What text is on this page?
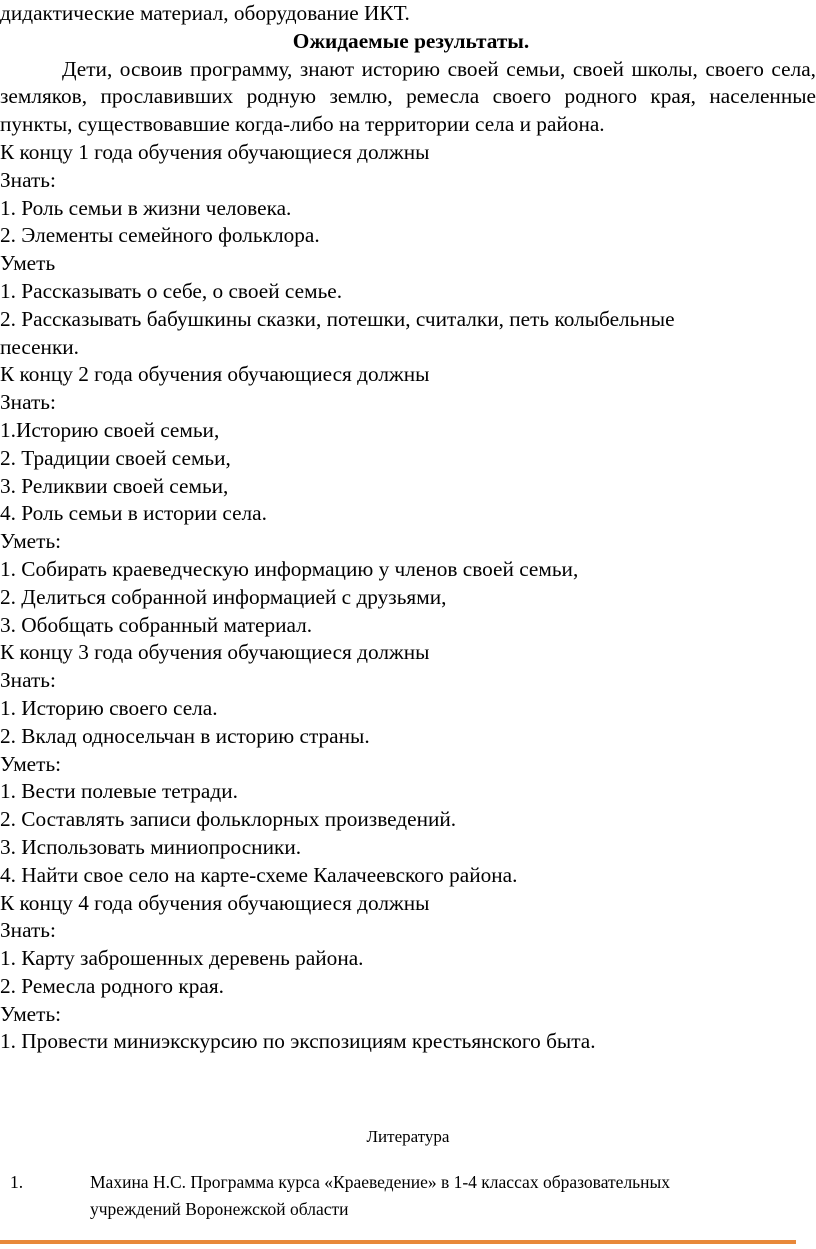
дидактические материал, оборудование ИКТ.
Ожидаемые результаты.
Дети, освоив программу, знают историю своей семьи, своей школы, своего села, земляков, прославивших родную землю, ремесла своего родного края, населенные пункты, существовавшие когда-либо на территории села и района.
К концу 1 года обучения обучающиеся должны
Знать:
1. Роль семьи в жизни человека.
2. Элементы семейного фольклора.
Уметь
1. Рассказывать о себе, о своей семье.
2. Рассказывать бабушкины сказки, потешки, считалки, петь колыбельные
песенки.
К концу 2 года обучения обучающиеся должны
Знать:
1.Историю своей семьи,
2. Традиции своей семьи,
3. Реликвии своей семьи,
4. Роль семьи в истории села.
Уметь:
1. Собирать краеведческую информацию у членов своей семьи,
2. Делиться собранной информацией с друзьями,
3. Обобщать собранный материал.
К концу 3 года обучения обучающиеся должны
Знать:
1. Историю своего села.
2. Вклад односельчан в историю страны.
Уметь:
1. Вести полевые тетради.
2. Составлять записи фольклорных произведений.
3. Использовать миниопросники.
4. Найти свое село на карте-схеме Калачеевского района.
К концу 4 года обучения обучающиеся должны
Знать:
1. Карту заброшенных деревень района.
2. Ремесла родного края.
Уметь:
1. Провести миниэкскурсию по экспозициям крестьянского быта.
Литература
1.	Махина Н.С. Программа курса «Краеведение» в 1-4 классах образовательных
учреждений Воронежской области
